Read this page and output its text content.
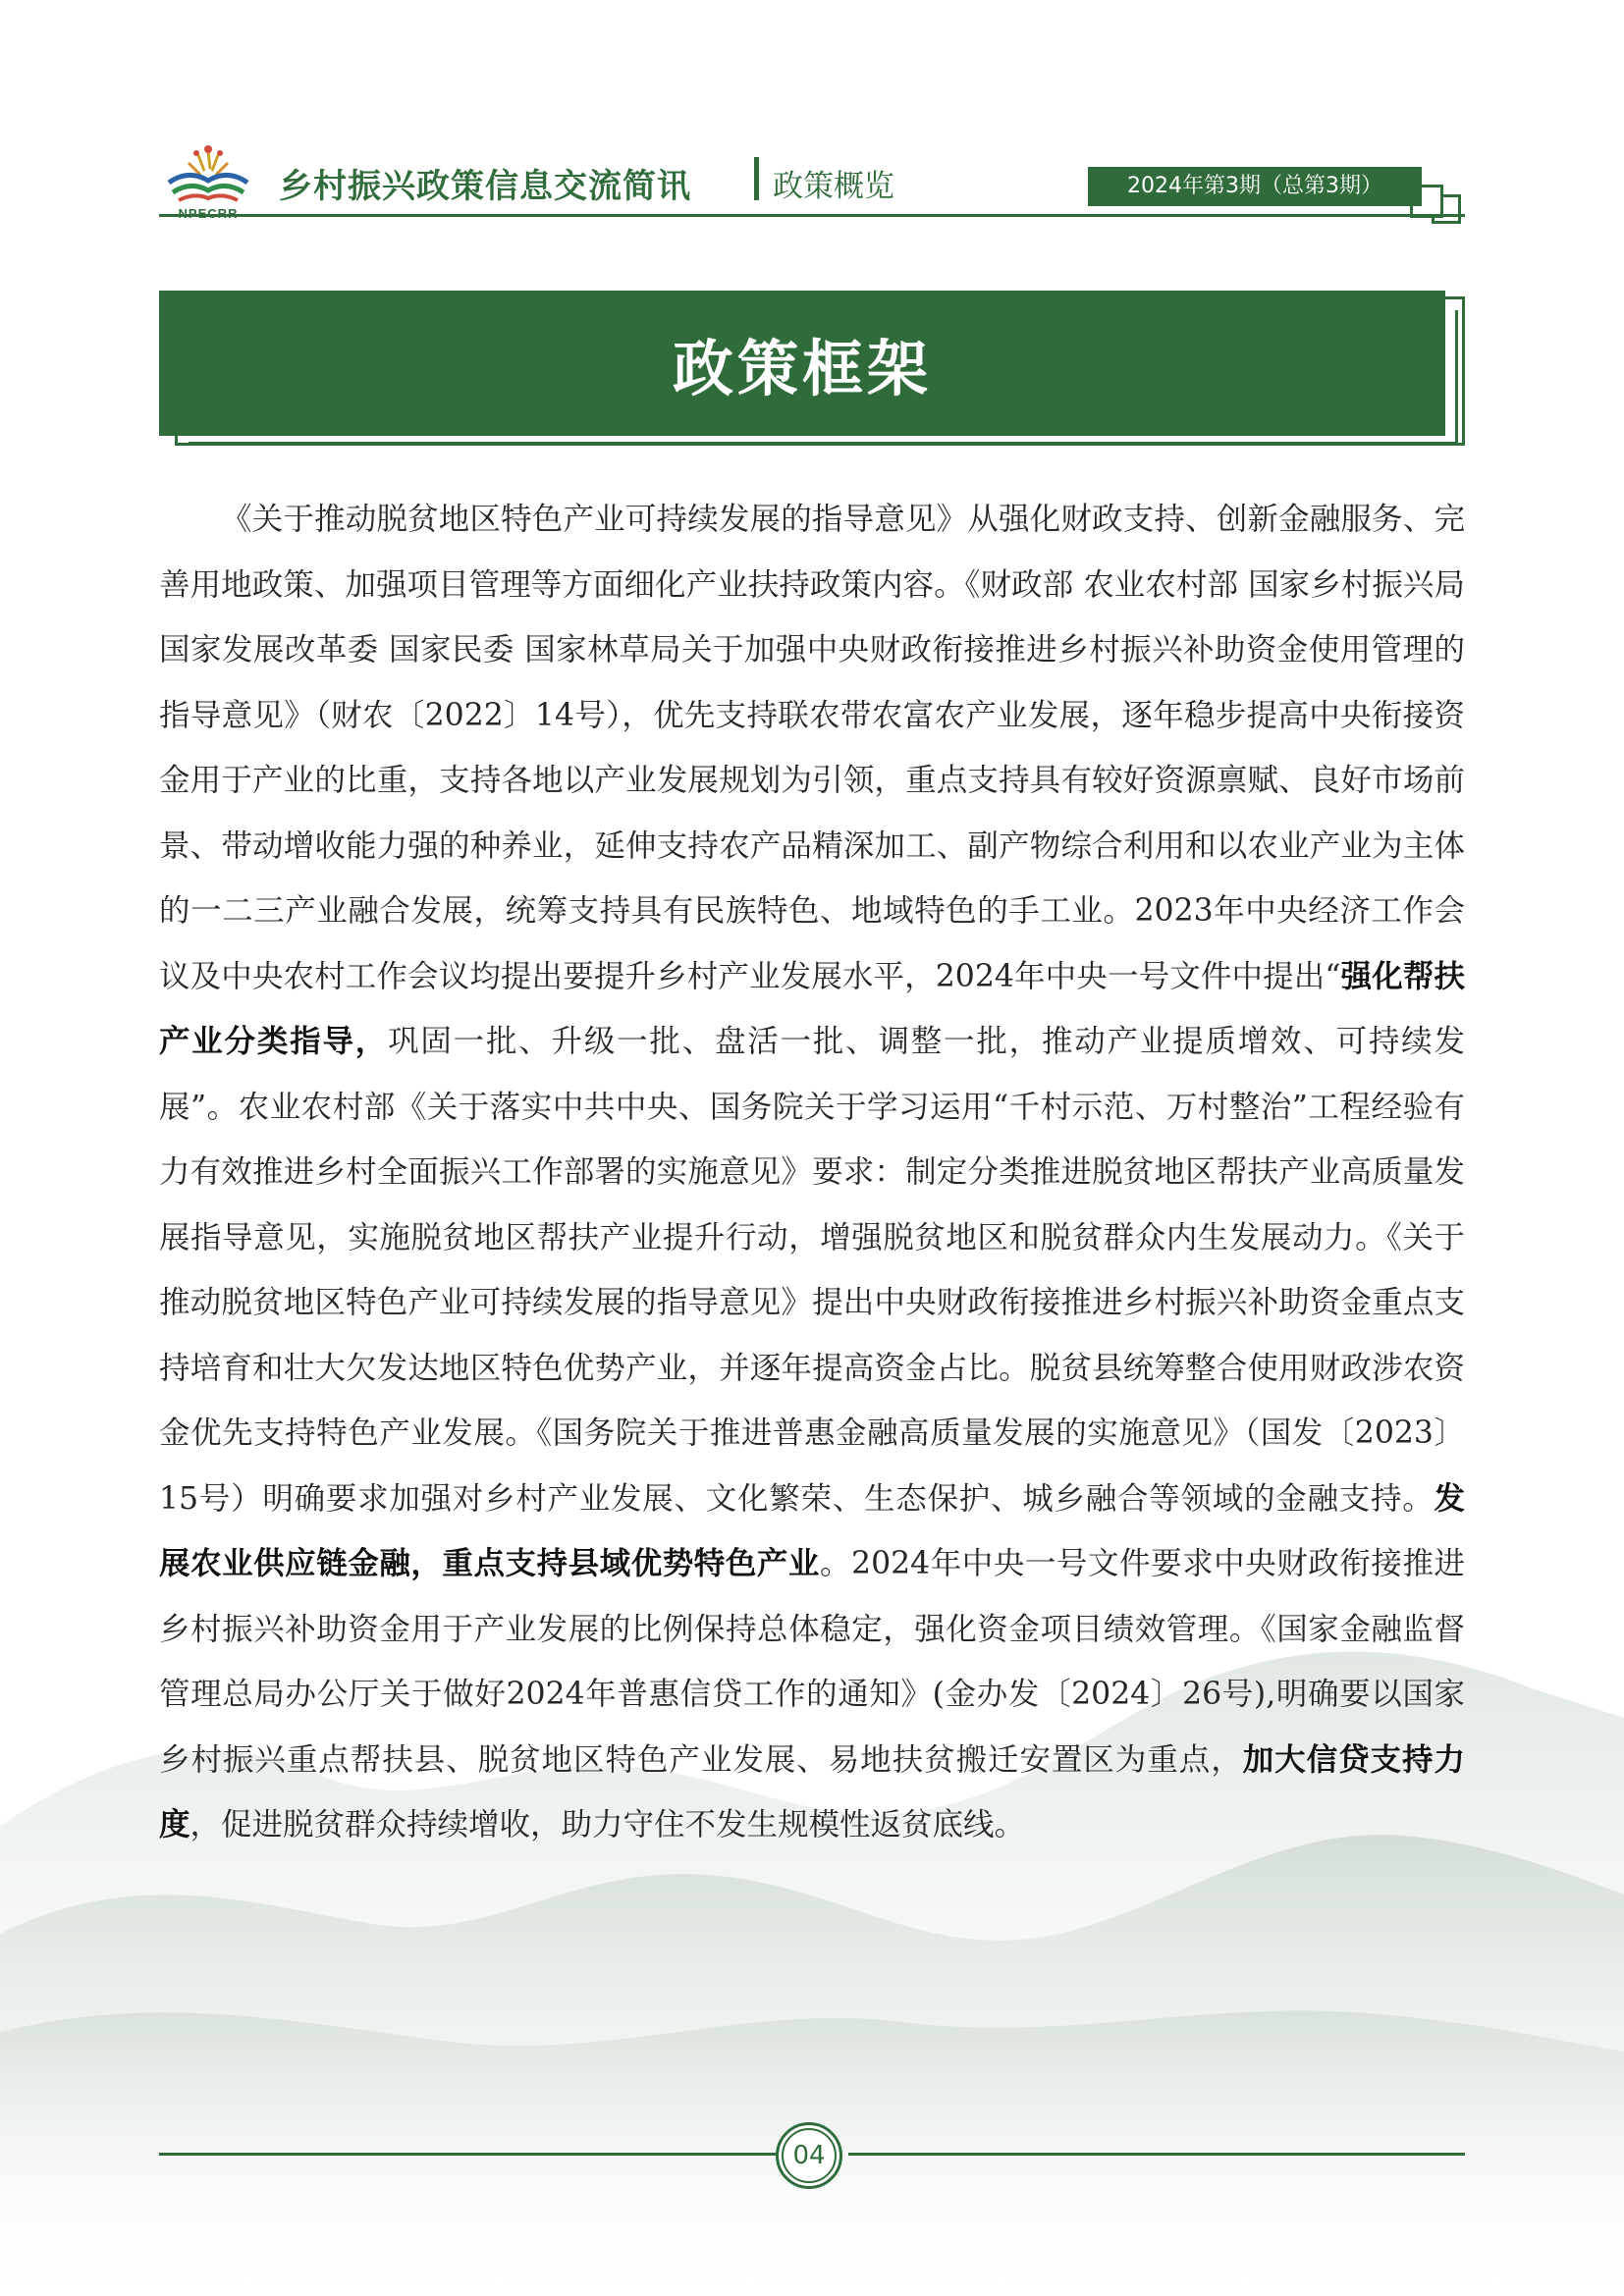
乡村振兴政策信息交流简讯	政策概览	2024年第3期（总第3期）
政策框架

《关于推动脱贫地区特色产业可持续发展的指导意见》从强化财政支持、创新金融服务、完善用地政策、加强项目管理等方面细化产业扶持政策内容。《财政部 农业农村部 国家乡村振兴局 国家发展改革委 国家民委 国家林草局关于加强中央财政衔接推进乡村振兴补助资金使用管理的指导意见》（财农〔2022〕14号），优先支持联农带农富农产业发展，逐年稳步提高中央衔接资金用于产业的比重，支持各地以产业发展规划为引领，重点支持具有较好资源禀赋、良好市场前景、带动增收能力强的种养业，延伸支持农产品精深加工、副产物综合利用和以农业产业为主体的一二三产业融合发展，统筹支持具有民族特色、地域特色的手工业。2023年中央经济工作会议及中央农村工作会议均提出要提升乡村产业发展水平，2024年中央一号文件中提出“强化帮扶产业分类指导，巩固一批、升级一批、盘活一批、调整一批，推动产业提质增效、可持续发展”。农业农村部《关于落实中共中央、国务院关于学习运用“千村示范、万村整治”工程经验有力有效推进乡村全面振兴工作部署的实施意见》要求：制定分类推进脱贫地区帮扶产业高质量发展指导意见，实施脱贫地区帮扶产业提升行动，增强脱贫地区和脱贫群众内生发展动力。《关于推动脱贫地区特色产业可持续发展的指导意见》提出中央财政衔接推进乡村振兴补助资金重点支持培育和壮大欠发达地区特色优势产业，并逐年提高资金占比。脱贫县统筹整合使用财政涉农资金优先支持特色产业发展。《国务院关于推进普惠金融高质量发展的实施意见》（国发〔2023〕15号）明确要求加强对乡村产业发展、文化繁荣、生态保护、城乡融合等领域的金融支持。发展农业供应链金融，重点支持县域优势特色产业。2024年中央一号文件要求中央财政衔接推进乡村振兴补助资金用于产业发展的比例保持总体稳定，强化资金项目绩效管理。《国家金融监督管理总局办公厅关于做好2024年普惠信贷工作的通知》(金办发〔2024〕26号),明确要以国家乡村振兴重点帮扶县、脱贫地区特色产业发展、易地扶贫搬迁安置区为重点，加大信贷支持力度，促进脱贫群众持续增收，助力守住不发生规模性返贫底线。

04
